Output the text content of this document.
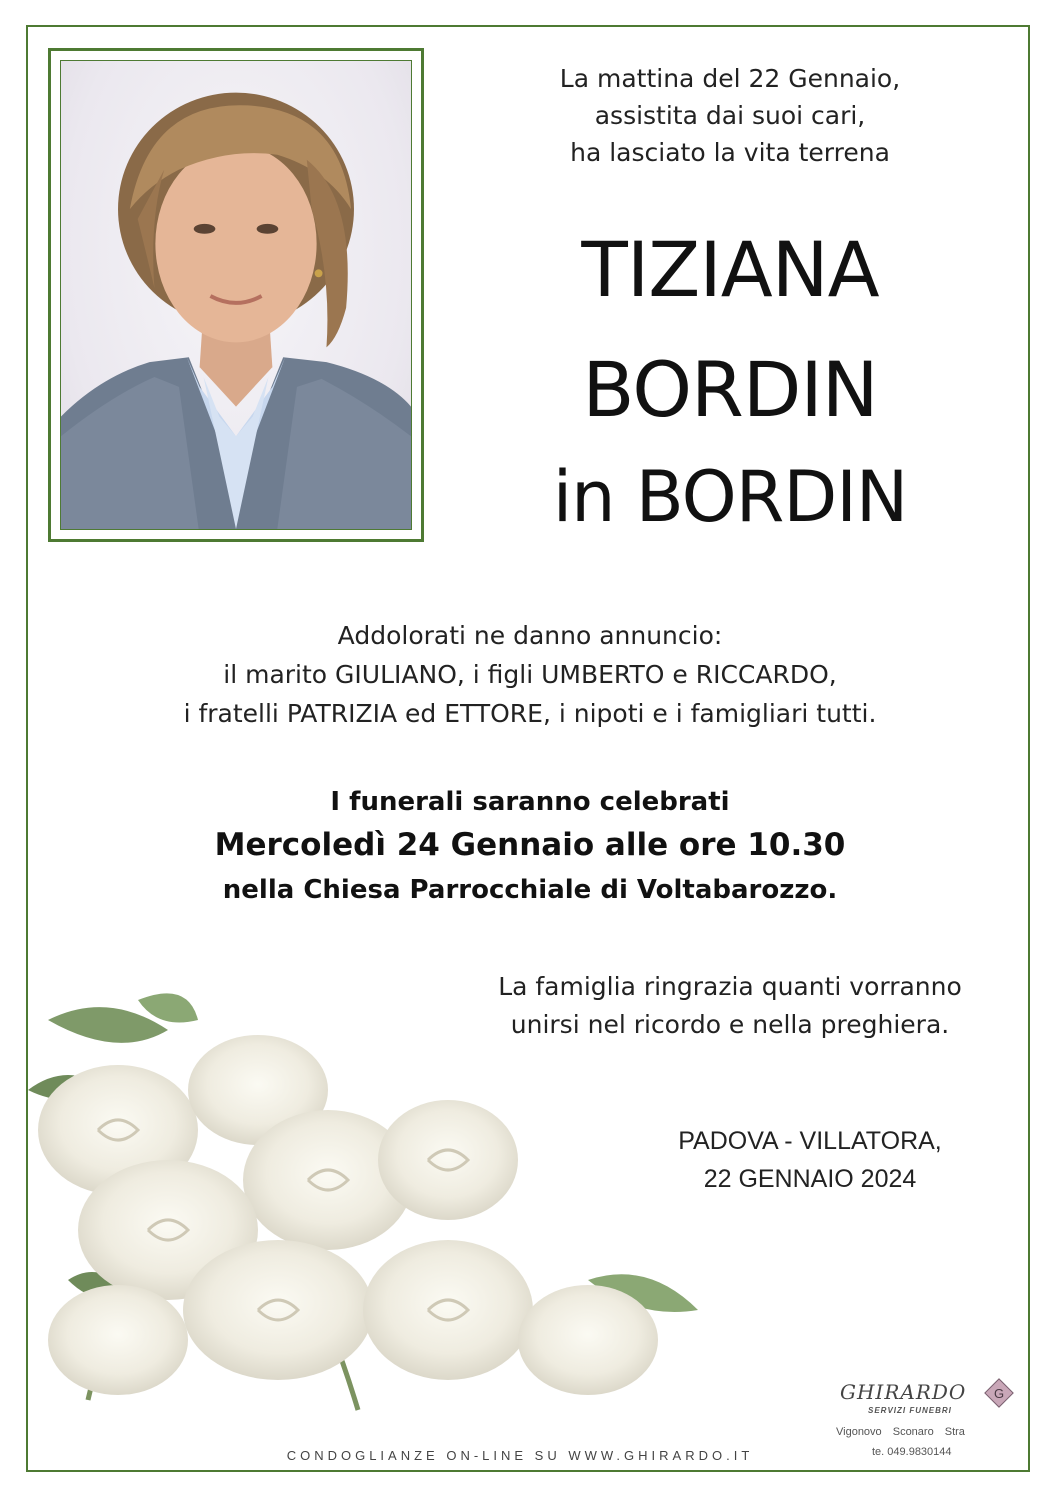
La mattina del 22 Gennaio,
assistita dai suoi cari,
ha lasciato la vita terrena
TIZIANA
BORDIN
in BORDIN
Addolorati ne danno annuncio:
il marito GIULIANO, i figli UMBERTO e RICCARDO,
i fratelli PATRIZIA ed ETTORE, i nipoti e i famigliari tutti.
I funerali saranno celebrati
Mercoledì 24 Gennaio alle ore 10.30
nella Chiesa Parrocchiale di Voltabarozzo.
La famiglia ringrazia quanti vorranno
unirsi nel ricordo e nella preghiera.
PADOVA - VILLATORA,
22 GENNAIO 2024
CONDOGLIANZE ON-LINE SU WWW.GHIRARDO.IT
GHIRARDO
SERVIZI FUNEBRI
G
Vigonovo Sconaro Stra
te. 049.9830144
